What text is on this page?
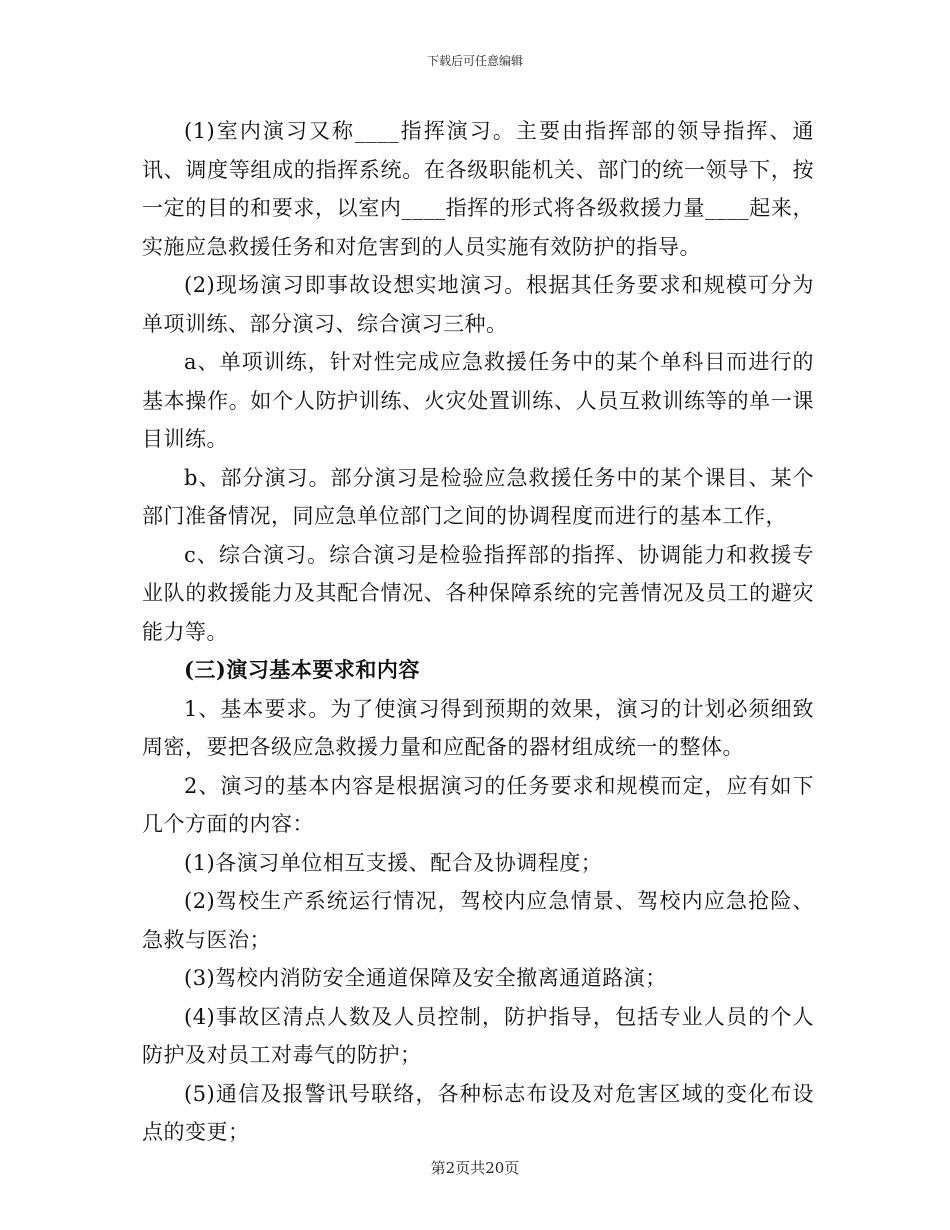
下载后可任意编辑

(1)室内演习又称____指挥演习。主要由指挥部的领导指挥、通讯、调度等组成的指挥系统。在各级职能机关、部门的统一领导下，按一定的目的和要求，以室内____指挥的形式将各级救援力量____起来，实施应急救援任务和对危害到的人员实施有效防护的指导。

(2)现场演习即事故设想实地演习。根据其任务要求和规模可分为单项训练、部分演习、综合演习三种。

a、单项训练，针对性完成应急救援任务中的某个单科目而进行的基本操作。如个人防护训练、火灾处置训练、人员互救训练等的单一课目训练。

b、部分演习。部分演习是检验应急救援任务中的某个课目、某个部门准备情况，同应急单位部门之间的协调程度而进行的基本工作，

c、综合演习。综合演习是检验指挥部的指挥、协调能力和救援专业队的救援能力及其配合情况、各种保障系统的完善情况及员工的避灾能力等。

(三)演习基本要求和内容

1、基本要求。为了使演习得到预期的效果，演习的计划必须细致周密，要把各级应急救援力量和应配备的器材组成统一的整体。

2、演习的基本内容是根据演习的任务要求和规模而定，应有如下几个方面的内容：

(1)各演习单位相互支援、配合及协调程度；

(2)驾校生产系统运行情况，驾校内应急情景、驾校内应急抢险、急救与医治；

(3)驾校内消防安全通道保障及安全撤离通道路演；

(4)事故区清点人数及人员控制，防护指导，包括专业人员的个人防护及对员工对毒气的防护；

(5)通信及报警讯号联络，各种标志布设及对危害区域的变化布设点的变更；

第2页共20页
